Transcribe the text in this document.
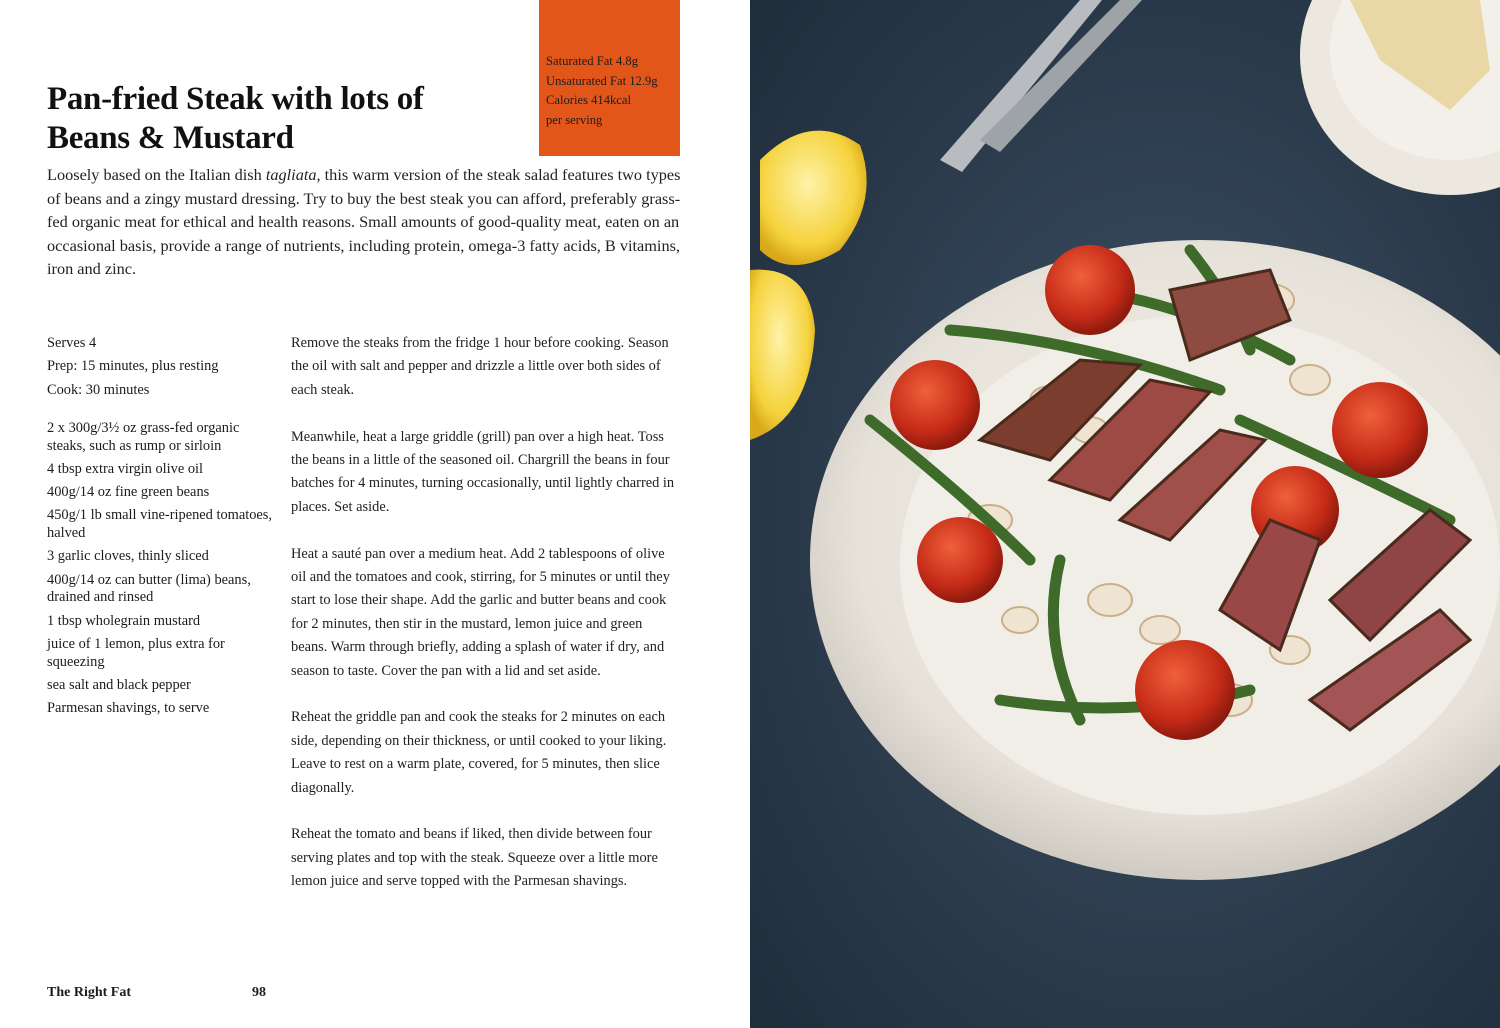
Saturated Fat 4.8g
Unsaturated Fat 12.9g
Calories 414kcal
per serving
Pan-fried Steak with lots of
Beans & Mustard

Loosely based on the Italian dish tagliata, this warm version of the steak salad features two types of beans and a zingy mustard dressing. Try to buy the best steak you can afford, preferably grass-fed organic meat for ethical and health reasons. Small amounts of good-quality meat, eaten on an occasional basis, provide a range of nutrients, including protein, omega-3 fatty acids, B vitamins, iron and zinc.

Serves 4
Prep: 15 minutes, plus resting
Cook: 30 minutes
2 x 300g/3½ oz grass-fed organic steaks, such as rump or sirloin
4 tbsp extra virgin olive oil
400g/14 oz fine green beans
450g/1 lb small vine-ripened tomatoes, halved
3 garlic cloves, thinly sliced
400g/14 oz can butter (lima) beans, drained and rinsed
1 tbsp wholegrain mustard
juice of 1 lemon, plus extra for squeezing
sea salt and black pepper
Parmesan shavings, to serve

Remove the steaks from the fridge 1 hour before cooking. Season the oil with salt and pepper and drizzle a little over both sides of each steak.

Meanwhile, heat a large griddle (grill) pan over a high heat. Toss the beans in a little of the seasoned oil. Chargrill the beans in four batches for 4 minutes, turning occasionally, until lightly charred in places. Set aside.

Heat a sauté pan over a medium heat. Add 2 tablespoons of olive oil and the tomatoes and cook, stirring, for 5 minutes or until they start to lose their shape. Add the garlic and butter beans and cook for 2 minutes, then stir in the mustard, lemon juice and green beans. Warm through briefly, adding a splash of water if dry, and season to taste. Cover the pan with a lid and set aside.

Reheat the griddle pan and cook the steaks for 2 minutes on each side, depending on their thickness, or until cooked to your liking. Leave to rest on a warm plate, covered, for 5 minutes, then slice diagonally.

Reheat the tomato and beans if liked, then divide between four serving plates and top with the steak. Squeeze over a little more lemon juice and serve topped with the Parmesan shavings.

The Right Fat	98
